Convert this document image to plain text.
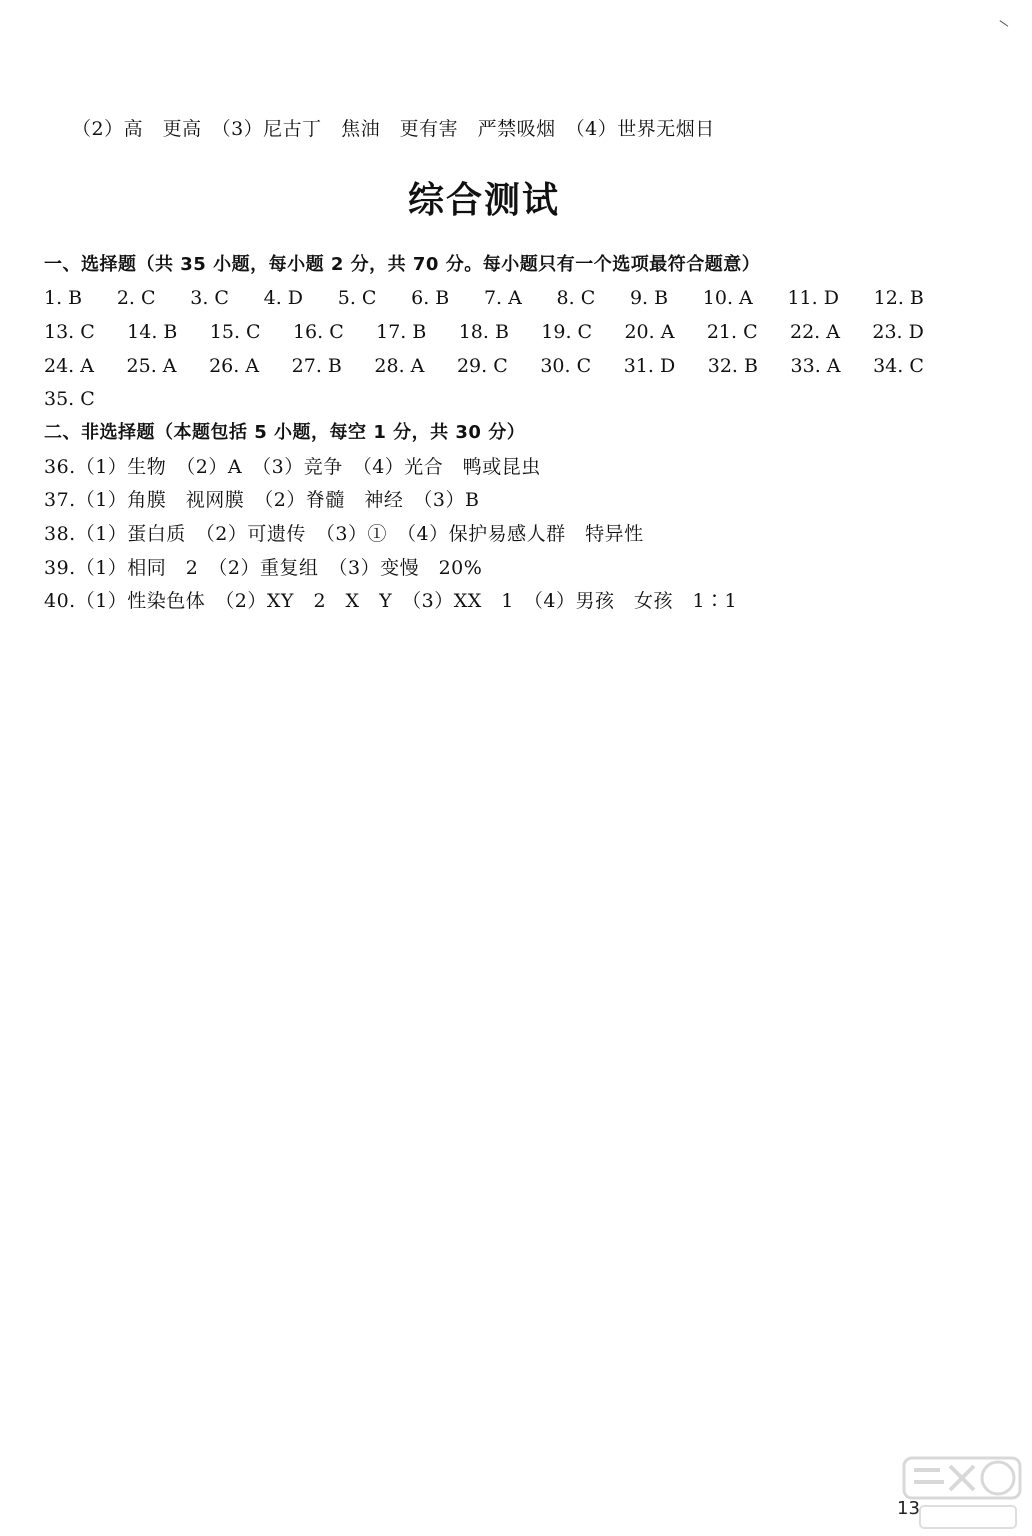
（2）高　更高　（3）尼古丁　焦油　更有害　严禁吸烟　（4）世界无烟日
综合测试
一、选择题（共 35 小题，每小题 2 分，共 70 分。每小题只有一个选项最符合题意）
1. B 2. C 3. C 4. D 5. C 6. B 7. A 8. C 9. B 10. A 11. D 12. B
13. C 14. B 15. C 16. C 17. B 18. B 19. C 20. A 21. C 22. A 23. D
24. A 25. A 26. A 27. B 28. A 29. C 30. C 31. D 32. B 33. A 34. C
35. C
二、非选择题（本题包括 5 小题，每空 1 分，共 30 分）
36.（1）生物　（2）A　（3）竞争　（4）光合　鸭或昆虫
37.（1）角膜　视网膜　（2）脊髓　神经　（3）B
38.（1）蛋白质　（2）可遗传　（3）①　（4）保护易感人群　特异性
39.（1）相同　2　（2）重复组　（3）变慢　20%
40.（1）性染色体　（2）XY　2　X　Y　（3）XX　1　（4）男孩　女孩　1∶1
13
